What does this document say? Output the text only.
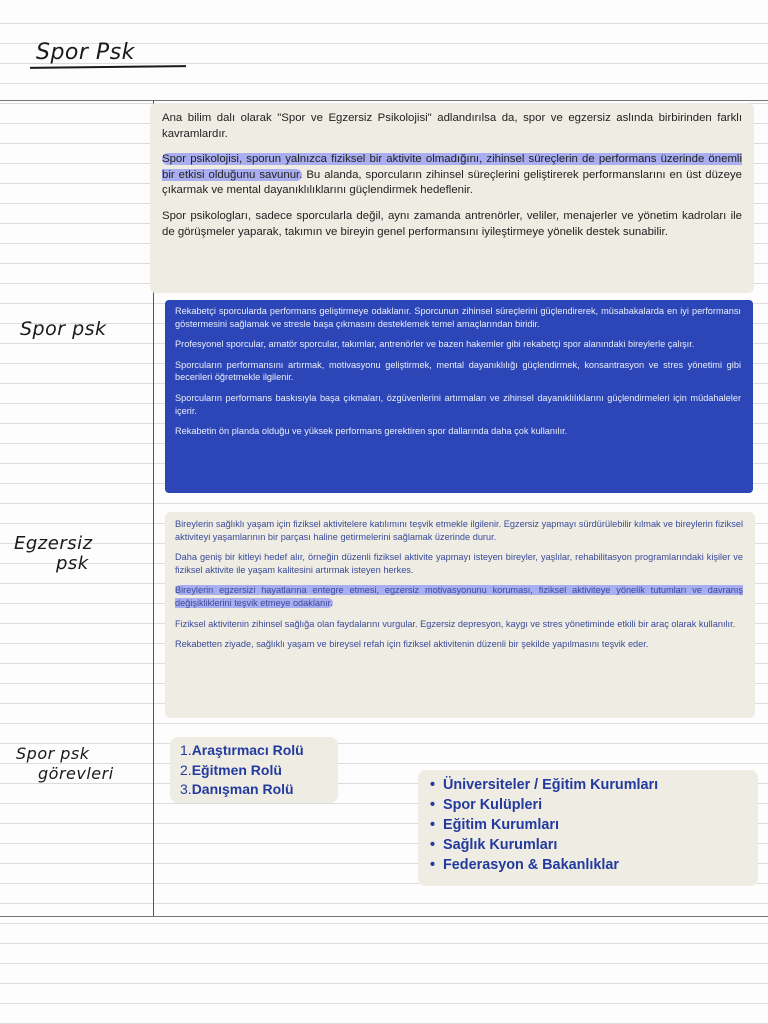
Spor Psk
Spor psk
Egzersiz
psk
Spor psk
görevleri

Ana bilim dalı olarak "Spor ve Egzersiz Psikolojisi" adlandırılsa da, spor ve egzersiz aslında birbirinden farklı kavramlardır.

Spor psikolojisi, sporun yalnızca fiziksel bir aktivite olmadığını, zihinsel süreçlerin de performans üzerinde önemli bir etkisi olduğunu savunur. Bu alanda, sporcuların zihinsel süreçlerini geliştirerek performanslarını en üst düzeye çıkarmak ve mental dayanıklılıklarını güçlendirmek hedeflenir.

Spor psikologları, sadece sporcularla değil, aynı zamanda antrenörler, veliler, menajerler ve yönetim kadroları ile de görüşmeler yaparak, takımın ve bireyin genel performansını iyileştirmeye yönelik destek sunabilir.

Rekabetçi sporcularda performans geliştirmeye odaklanır. Sporcunun zihinsel süreçlerini güçlendirerek, müsabakalarda en iyi performansı göstermesini sağlamak ve stresle başa çıkmasını desteklemek temel amaçlarından biridir.

Profesyonel sporcular, amatör sporcular, takımlar, antrenörler ve bazen hakemler gibi rekabetçi spor alanındaki bireylerle çalışır.

Sporcuların performansını artırmak, motivasyonu geliştirmek, mental dayanıklılığı güçlendirmek, konsantrasyon ve stres yönetimi gibi becerileri öğretmekle ilgilenir.

Sporcuların performans baskısıyla başa çıkmaları, özgüvenlerini artırmaları ve zihinsel dayanıklılıklarını güçlendirmeleri için müdahaleler içerir.

Rekabetin ön planda olduğu ve yüksek performans gerektiren spor dallarında daha çok kullanılır.

Bireylerin sağlıklı yaşam için fiziksel aktivitelere katılımını teşvik etmekle ilgilenir. Egzersiz yapmayı sürdürülebilir kılmak ve bireylerin fiziksel aktiviteyi yaşamlarının bir parçası haline getirmelerini sağlamak üzerinde durur.

Daha geniş bir kitleyi hedef alır, örneğin düzenli fiziksel aktivite yapmayı isteyen bireyler, yaşlılar, rehabilitasyon programlarındaki kişiler ve fiziksel aktivite ile yaşam kalitesini artırmak isteyen herkes.

Bireylerin egzersizi hayatlarına entegre etmesi, egzersiz motivasyonunu koruması, fiziksel aktiviteye yönelik tutumları ve davranış değişikliklerini teşvik etmeye odaklanır.

Fiziksel aktivitenin zihinsel sağlığa olan faydalarını vurgular. Egzersiz depresyon, kaygı ve stres yönetiminde etkili bir araç olarak kullanılır.

Rekabetten ziyade, sağlıklı yaşam ve bireysel refah için fiziksel aktivitenin düzenli bir şekilde yapılmasını teşvik eder.

1.Araştırmacı Rolü
2.Eğitmen Rolü
3.Danışman Rolü	• Üniversiteler / Eğitim Kurumları
• Spor Kulüpleri
• Eğitim Kurumları
• Sağlık Kurumları
• Federasyon & Bakanlıklar
